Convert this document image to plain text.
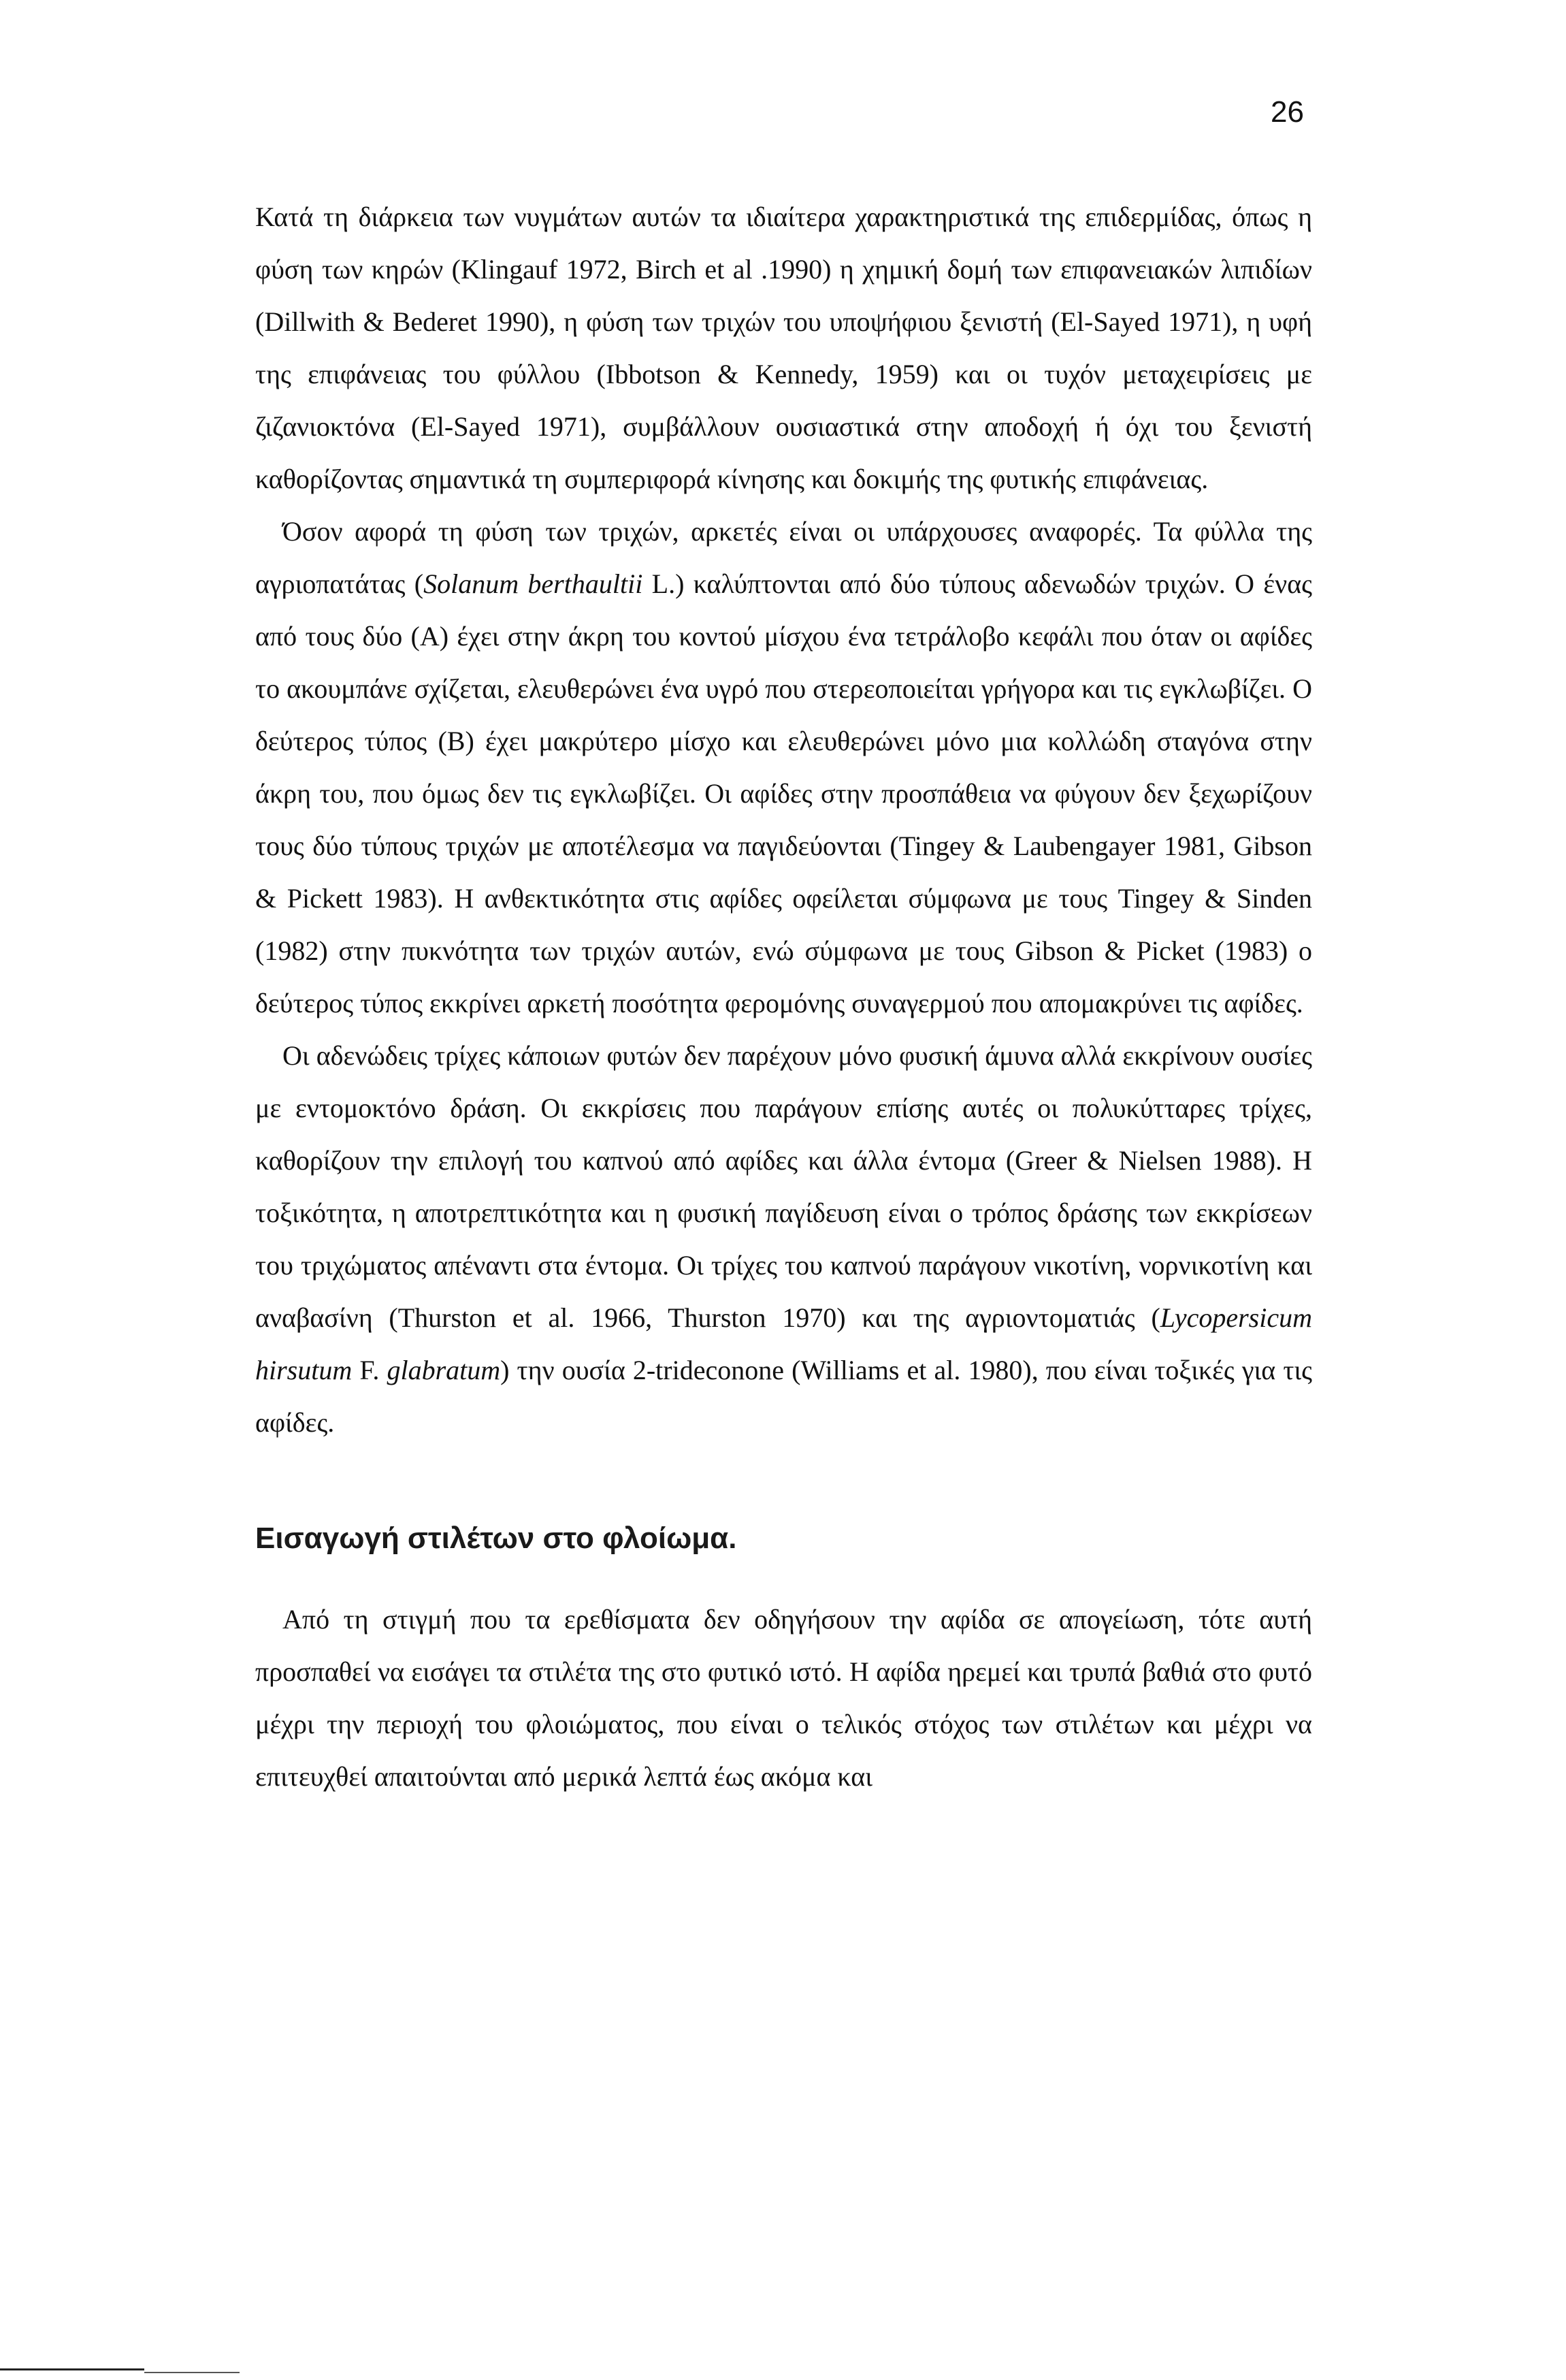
26

Κατά τη διάρκεια των νυγμάτων αυτών τα ιδιαίτερα χαρακτηριστικά της επιδερμίδας, όπως η φύση των κηρών (Klingauf 1972, Birch et al .1990) η χημική δομή των επιφανειακών λιπιδίων (Dillwith & Bederet 1990), η φύση των τριχών του υποψήφιου ξενιστή (El-Sayed 1971), η υφή της επιφάνειας του φύλλου (Ibbotson & Kennedy, 1959) και οι τυχόν μεταχειρίσεις με ζιζανιοκτόνα (El-Sayed 1971), συμβάλλουν ουσιαστικά στην αποδοχή ή όχι του ξενιστή καθορίζοντας σημαντικά τη συμπεριφορά κίνησης και δοκιμής της φυτικής επιφάνειας.

Όσον αφορά τη φύση των τριχών, αρκετές είναι οι υπάρχουσες αναφορές. Τα φύλλα της αγριοπατάτας (Solanum berthaultii L.) καλύπτονται από δύο τύπους αδενωδών τριχών. Ο ένας από τους δύο (Α) έχει στην άκρη του κοντού μίσχου ένα τετράλοβο κεφάλι που όταν οι αφίδες το ακουμπάνε σχίζεται, ελευθερώνει ένα υγρό που στερεοποιείται γρήγορα και τις εγκλωβίζει. Ο δεύτερος τύπος (Β) έχει μακρύτερο μίσχο και ελευθερώνει μόνο μια κολλώδη σταγόνα στην άκρη του, που όμως δεν τις εγκλωβίζει. Οι αφίδες στην προσπάθεια να φύγουν δεν ξεχωρίζουν τους δύο τύπους τριχών με αποτέλεσμα να παγιδεύονται (Tingey & Laubengayer 1981, Gibson & Pickett 1983). Η ανθεκτικότητα στις αφίδες οφείλεται σύμφωνα με τους Tingey & Sinden (1982) στην πυκνότητα των τριχών αυτών, ενώ σύμφωνα με τους Gibson & Picket (1983) ο δεύτερος τύπος εκκρίνει αρκετή ποσότητα φερομόνης συναγερμού που απομακρύνει τις αφίδες.

Οι αδενώδεις τρίχες κάποιων φυτών δεν παρέχουν μόνο φυσική άμυνα αλλά εκκρίνουν ουσίες με εντομοκτόνο δράση. Οι εκκρίσεις που παράγουν επίσης αυτές οι πολυκύτταρες τρίχες, καθορίζουν την επιλογή του καπνού από αφίδες και άλλα έντομα (Greer & Nielsen 1988). Η τοξικότητα, η αποτρεπτικότητα και η φυσική παγίδευση είναι ο τρόπος δράσης των εκκρίσεων του τριχώματος απέναντι στα έντομα. Οι τρίχες του καπνού παράγουν νικοτίνη, νορνικοτίνη και αναβασίνη (Thurston et al. 1966, Thurston 1970) και της αγριοντοματιάς (Lycopersicum hirsutum F. glabratum) την ουσία 2-trideconone (Williams et al. 1980), που είναι τοξικές για τις αφίδες.

Εισαγωγή στιλέτων στο φλοίωμα.

Από τη στιγμή που τα ερεθίσματα δεν οδηγήσουν την αφίδα σε απογείωση, τότε αυτή προσπαθεί να εισάγει τα στιλέτα της στο φυτικό ιστό. Η αφίδα ηρεμεί και τρυπά βαθιά στο φυτό μέχρι την περιοχή του φλοιώματος, που είναι ο τελικός στόχος των στιλέτων και μέχρι να επιτευχθεί απαιτούνται από μερικά λεπτά έως ακόμα και
